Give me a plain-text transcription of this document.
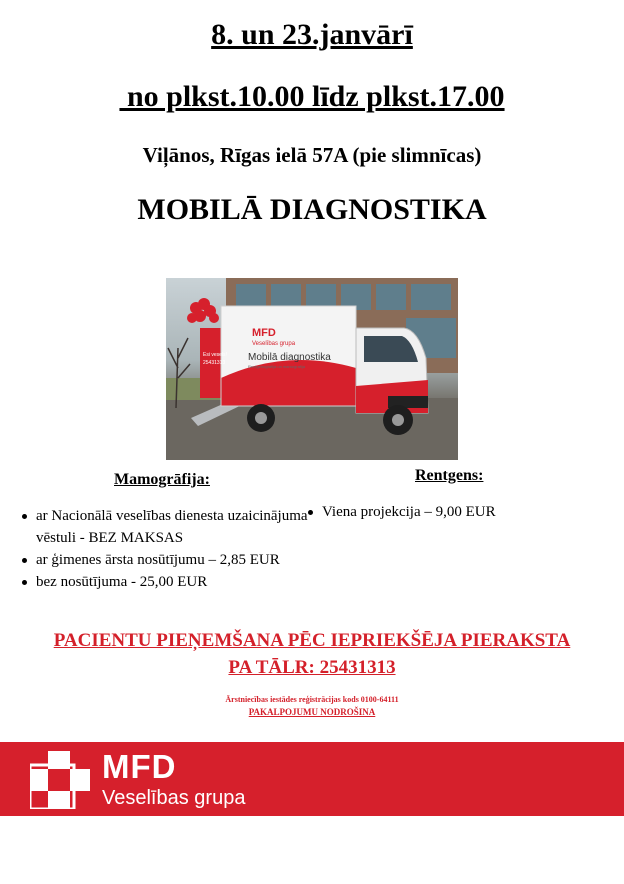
8. un 23.janvārī
no plkst.10.00 līdz plkst.17.00
Viļānos, Rīgas ielā 57A (pie slimnīcas)
MOBILĀ DIAGNOSTIKA
MFD
Veselības grupa
Mobilā diagnostika
Rentgenografija un mamografija
Esi vesels!
25431313
Mamogrāfija:	Rentgens:
ar Nacionālā veselības dienesta uzaicinājuma vēstuli - BEZ MAKSAS
ar ģimenes ārsta nosūtījumu – 2,85 EUR
bez nosūtījuma - 25,00 EUR
Viena projekcija – 9,00 EUR
PACIENTU PIEŅEMŠANA PĒC IEPRIEKŠĒJA PIERAKSTA
PA TĀLR: 25431313
Ārstniecības iestādes reģistrācijas kods 0100-64111
PAKALPOJUMU NODROŠINA
MFD
Veselības grupa
